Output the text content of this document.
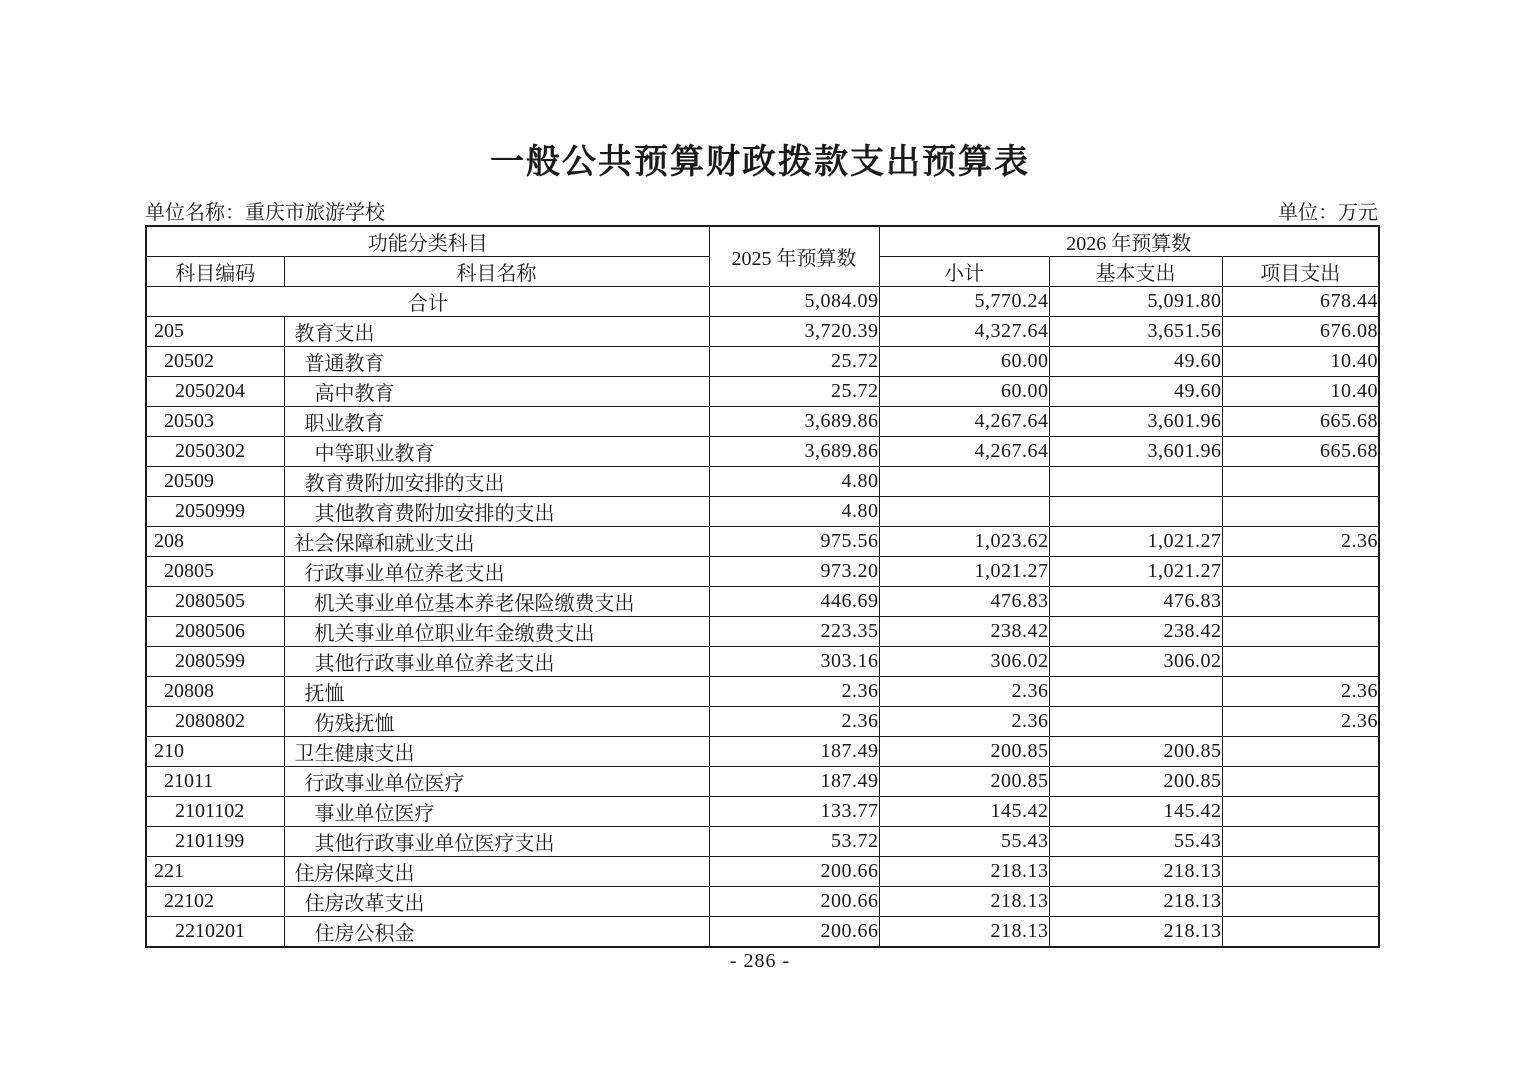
一般公共预算财政拨款支出预算表
单位名称：重庆市旅游学校	单位：万元
功能分类科目		2025 年预算数	2026 年预算数		
科目编码	科目名称		小计	基本支出	项目支出
合计		5,084.09	5,770.24	5,091.80	678.44
205	教育支出	3,720.39	4,327.64	3,651.56	676.08
20502	普通教育	25.72	60.00	49.60	10.40
2050204	高中教育	25.72	60.00	49.60	10.40
20503	职业教育	3,689.86	4,267.64	3,601.96	665.68
2050302	中等职业教育	3,689.86	4,267.64	3,601.96	665.68
20509	教育费附加安排的支出	4.80			
2050999	其他教育费附加安排的支出	4.80			
208	社会保障和就业支出	975.56	1,023.62	1,021.27	2.36
20805	行政事业单位养老支出	973.20	1,021.27	1,021.27	
2080505	机关事业单位基本养老保险缴费支出	446.69	476.83	476.83	
2080506	机关事业单位职业年金缴费支出	223.35	238.42	238.42	
2080599	其他行政事业单位养老支出	303.16	306.02	306.02	
20808	抚恤	2.36	2.36		2.36
2080802	伤残抚恤	2.36	2.36		2.36
210	卫生健康支出	187.49	200.85	200.85	
21011	行政事业单位医疗	187.49	200.85	200.85	
2101102	事业单位医疗	133.77	145.42	145.42	
2101199	其他行政事业单位医疗支出	53.72	55.43	55.43	
221	住房保障支出	200.66	218.13	218.13	
22102	住房改革支出	200.66	218.13	218.13	
2210201	住房公积金	200.66	218.13	218.13	
- 286 -
